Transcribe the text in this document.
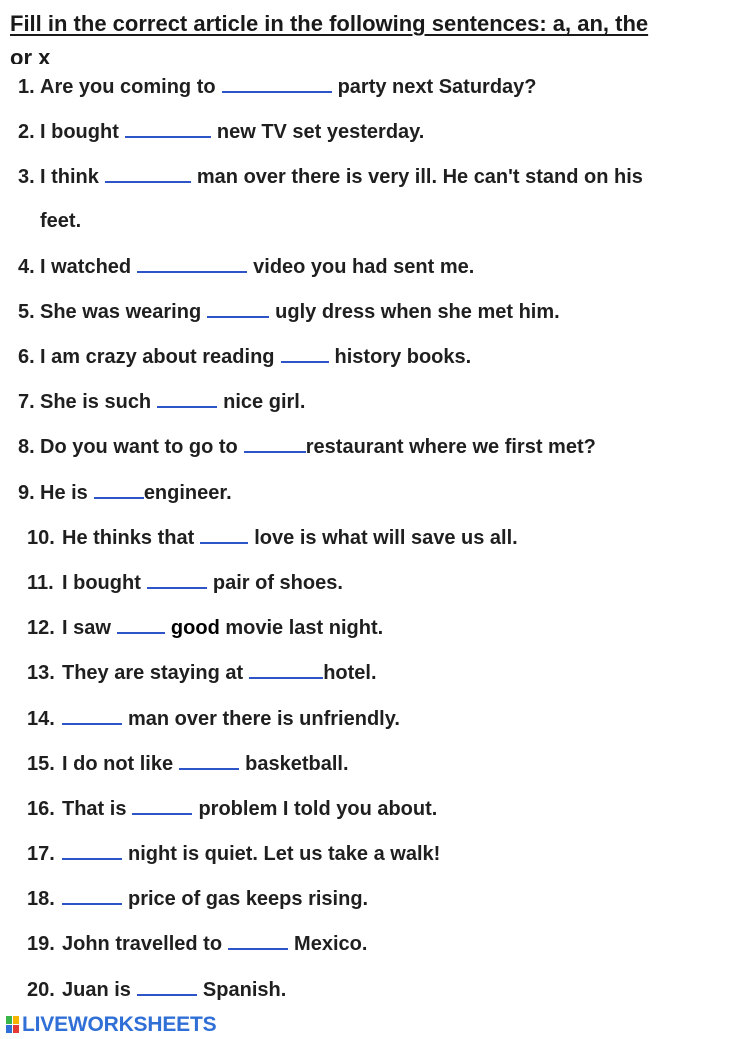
Fill in the correct article in the following sentences: a, an, the
or x
1. Are you coming to	party next Saturday?
2. I bought	new TV set yesterday.
3. I think	man over there is very ill. He can't stand on his
feet.
4. I watched	video you had sent me.
5. She was wearing	ugly dress when she met him.
6. I am crazy about reading	history books.
7. She is such	nice girl.
8. Do you want to go to	restaurant where we first met?
9. He is	engineer.
10. He thinks that	love is what will save us all.
11. I bought	pair of shoes.
12. I saw	good movie last night.
13. They are staying at	hotel.
14.	man over there is unfriendly.
15. I do not like	basketball.
16. That is	problem I told you about.
17.	night is quiet. Let us take a walk!
18.	price of gas keeps rising.
19. John travelled to	Mexico.
20. Juan is	Spanish.
LIVEWORKSHEETS
